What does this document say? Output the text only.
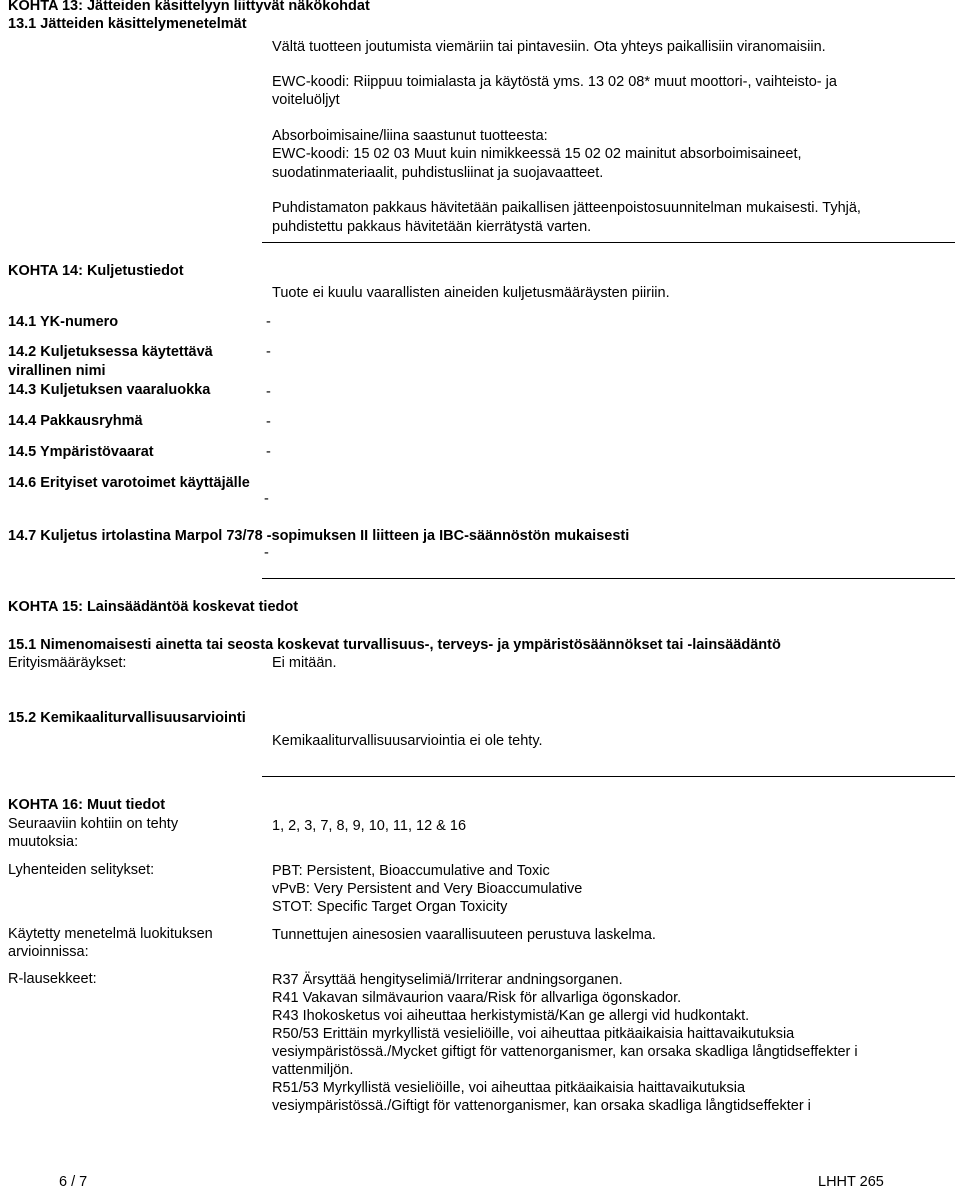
KOHTA 13: Jätteiden käsittelyyn liittyvät näkökohdat
13.1 Jätteiden käsittelymenetelmät
Vältä tuotteen joutumista viemäriin tai pintavesiin. Ota yhteys paikallisiin viranomaisiin.
EWC-koodi: Riippuu toimialasta ja käytöstä yms. 13 02 08* muut moottori-, vaihteisto- ja
voiteluöljyt
Absorboimisaine/liina saastunut tuotteesta:
EWC-koodi: 15 02 03 Muut kuin nimikkeessä 15 02 02 mainitut absorboimisaineet,
suodatinmateriaalit, puhdistusliinat ja suojavaatteet.
Puhdistamaton pakkaus hävitetään paikallisen jätteenpoistosuunnitelman mukaisesti. Tyhjä,
puhdistettu pakkaus hävitetään kierrätystä varten.
KOHTA 14: Kuljetustiedot
Tuote ei kuulu vaarallisten aineiden kuljetusmääräysten piiriin.
14.1 YK-numero	-
14.2 Kuljetuksessa käytettävä
virallinen nimi
-
14.3 Kuljetuksen vaaraluokka	-
14.4 Pakkausryhmä	-
14.5 Ympäristövaarat	-
14.6 Erityiset varotoimet käyttäjälle
-
14.7 Kuljetus irtolastina Marpol 73/78 -sopimuksen II liitteen ja IBC-säännöstön mukaisesti
-
KOHTA 15: Lainsäädäntöä koskevat tiedot
15.1 Nimenomaisesti ainetta tai seosta koskevat turvallisuus-, terveys- ja ympäristösäännökset tai -lainsäädäntö
Erityismääräykset:	Ei mitään.
15.2 Kemikaaliturvallisuusarviointi
Kemikaaliturvallisuusarviointia ei ole tehty.
KOHTA 16: Muut tiedot
Seuraaviin kohtiin on tehty
muutoksia:
1, 2, 3, 7, 8, 9, 10, 11, 12 & 16
Lyhenteiden selitykset:	PBT: Persistent, Bioaccumulative and Toxic
vPvB: Very Persistent and Very Bioaccumulative
STOT: Specific Target Organ Toxicity
Käytetty menetelmä luokituksen
arvioinnissa:
Tunnettujen ainesosien vaarallisuuteen perustuva laskelma.
R-lausekkeet:	R37 Ärsyttää hengityselimiä/Irriterar andningsorganen.
R41 Vakavan silmävaurion vaara/Risk för allvarliga ögonskador.
R43 Ihokosketus voi aiheuttaa herkistymistä/Kan ge allergi vid hudkontakt.
R50/53 Erittäin myrkyllistä vesieliöille, voi aiheuttaa pitkäaikaisia haittavaikutuksia
vesiympäristössä./Mycket giftigt för vattenorganismer, kan orsaka skadliga långtidseffekter i
vattenmiljön.
R51/53 Myrkyllistä vesieliöille, voi aiheuttaa pitkäaikaisia haittavaikutuksia
vesiympäristössä./Giftigt för vattenorganismer, kan orsaka skadliga långtidseffekter i
6 / 7	LHHT 265
